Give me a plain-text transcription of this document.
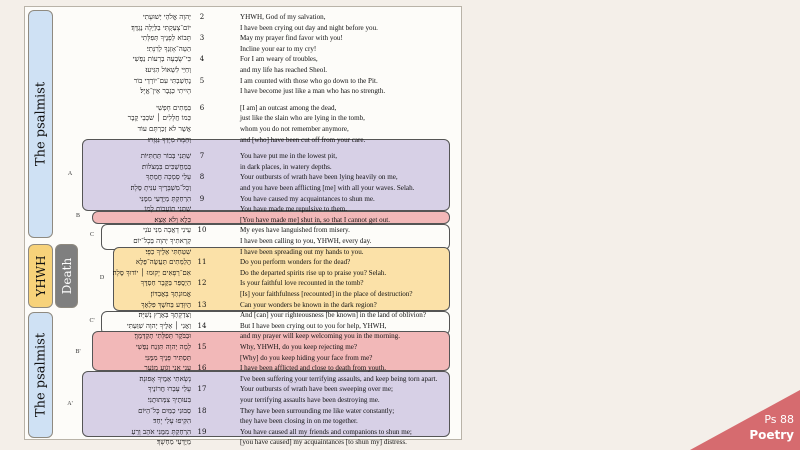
The psalmist
YHWH Death
The psalmist
A
B
C
D
C'
B'
A'
יְהוָה אֱלֹהֵי יְשׁוּעָתִי	2	YHWH, God of my salvation,
יוֹם־צָעַקְתִּי בַלַּיְלָה נֶגְדֶּךָ׃	I have been crying out day and night before you.
תָּבוֹא לְפָנֶיךָ תְּפִלָּתִי	3	May my prayer find favor with you!
הַטֵּה־אָזְנְךָ לְרִנָּתִי׃	Incline your ear to my cry!
כִּי־שָׂבְעָה בְרָעוֹת נַפְשִׁי	4	For I am weary of troubles,
וְחַיַּי לִשְׁאוֹל הִגִּיעוּ׃	and my life has reached Sheol.
נֶחְשַׁבְתִּי עִם־יוֹרְדֵי בוֹר	5	I am counted with those who go down to the Pit.
הָיִיתִי כְּגֶבֶר אֵין־אֱיָל׃	I have become just like a man who has no strength.
בַּמֵּתִים חָפְשִׁי	6	[I am] an outcast among the dead,
כְּמוֹ חֲלָלִים ׀ שֹׁכְבֵי קֶבֶר	just like the slain who are lying in the tomb,
אֲשֶׁר לֹא זְכַרְתָּם עוֹד	whom you do not remember anymore,
וְהֵמָּה מִיָּדְךָ נִגְזָרוּ׃	and [who] have been cut off from your care.
שַׁתַּנִי בְּבוֹר תַּחְתִּיּוֹת	7	You have put me in the lowest pit,
בְּמַחֲשַׁכִּים בִּמְצֹלוֹת׃	in dark places, in watery depths.
עָלַי סָמְכָה חֲמָתֶךָ	8	Your outbursts of wrath have been lying heavily on me,
וְכָל־מִשְׁבָּרֶיךָ עִנִּיתָ סֶּלָה׃	and you have been afflicting [me] with all your waves. Selah.
הִרְחַקְתָּ מְיֻדָּעַי מִמֶּנִּי	9	You have caused my acquaintances to shun me.
שַׁתַּנִי תוֹעֵבוֹת לָמוֹ	You have made me repulsive to them.
כָּלֻא וְלֹא אֵצֵא׃	[You have made me] shut in, so that I cannot get out.
עֵינִי דָאֲבָה מִנִּי עֹנִי 10	My eyes have languished from misery.
קְרָאתִיךָ יְהוָה בְּכָל־יוֹם	I have been calling to you, YHWH, every day.
שִׁטַּחְתִּי אֵלֶיךָ כַפָּי׃	I have been spreading out my hands to you.
הֲלַמֵּתִים תַּעֲשֶׂה־פֶּלֶא 11	Do you perform wonders for the dead?
אִם־רְפָאִים יָקוּמוּ ׀ יוֹדוּךָ סֶּלָה׃	Do the departed spirits rise up to praise you? Selah.
הַיְסֻפַּר בַּקֶּבֶר חַסְדֶּךָ 12	Is your faithful love recounted in the tomb?
אֱמוּנָתְךָ בָּאֲבַדּוֹן׃	[Is] your faithfulness [recounted] in the place of destruction?
הֲיִוָּדַע בַּחֹשֶׁךְ פִּלְאֶךָ 13	Can your wonders be known in the dark region?
וְצִדְקָתְךָ בְּאֶרֶץ נְשִׁיָּה׃	And [can] your righteousness [be known] in the land of oblivion?
וַאֲנִי ׀ אֵלֶיךָ יְהוָה שִׁוַּעְתִּי 14	But I have been crying out to you for help, YHWH,
וּבַבֹּקֶר תְּפִלָּתִי תְקַדְּמֶךָּ׃	and my prayer will keep welcoming you in the morning.
לָמָה יְהוָה תִּזְנַח נַפְשִׁי 15	Why, YHWH, do you keep rejecting me?
תַּסְתִּיר פָּנֶיךָ מִמֶּנִּי׃	[Why] do you keep hiding your face from me?
עָנִי אֲנִי וְגֹוֵעַ מִנֹּעַר 16	I have been afflicted and close to death from youth.
נָשָׂאתִי אֵמֶיךָ אָפוּנָה׃	I've been suffering your terrifying assaults, and keep being torn apart.
עָלַי עָבְרוּ חֲרוֹנֶיךָ 17	Your outbursts of wrath have been sweeping over me;
בִּעוּתֶיךָ צִמְּתוּתֻנִי׃	your terrifying assaults have been destroying me.
סַבּוּנִי כַמַּיִם כָּל־הַיּוֹם 18	They have been surrounding me like water constantly;
הִקִּיפוּ עָלַי יָחַד׃	they have been closing in on me together.
הִרְחַקְתָּ מִמֶּנִּי אֹהֵב וָרֵעַ 19	You have caused all my friends and companions to shun me;
מְיֻדָּעַי מַחְשָׁךְ׃	[you have caused] my acquaintances [to shun my] distress.
Ps 88
Poetry
